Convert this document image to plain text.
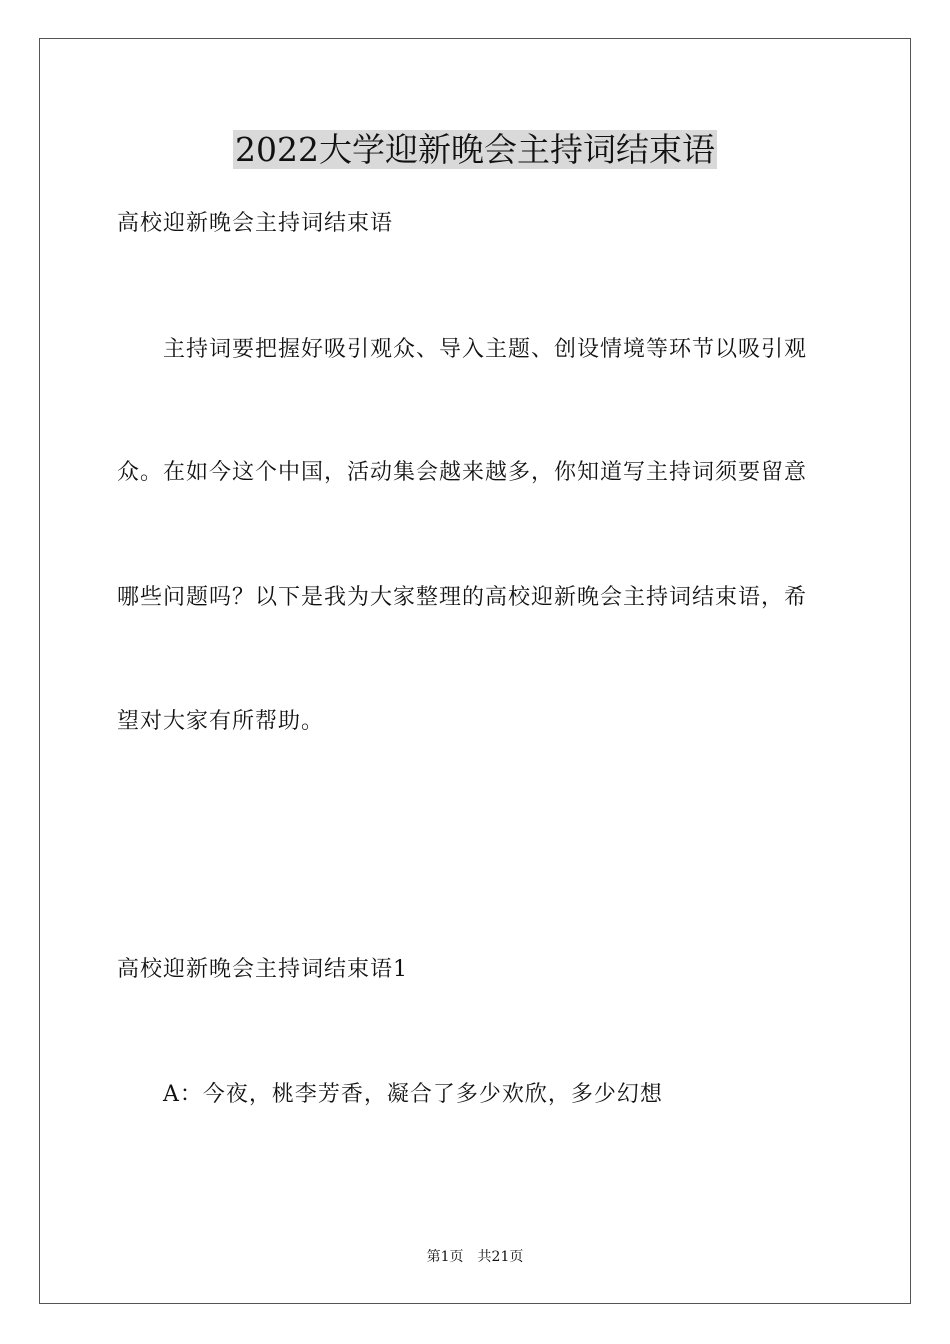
2022大学迎新晚会主持词结束语

高校迎新晚会主持词结束语

主持词要把握好吸引观众、导入主题、创设情境等环节以吸引观

众。在如今这个中国，活动集会越来越多，你知道写主持词须要留意

哪些问题吗？以下是我为大家整理的高校迎新晚会主持词结束语，希

望对大家有所帮助。

高校迎新晚会主持词结束语1

A：今夜，桃李芳香，凝合了多少欢欣，多少幻想

第1页 共21页
